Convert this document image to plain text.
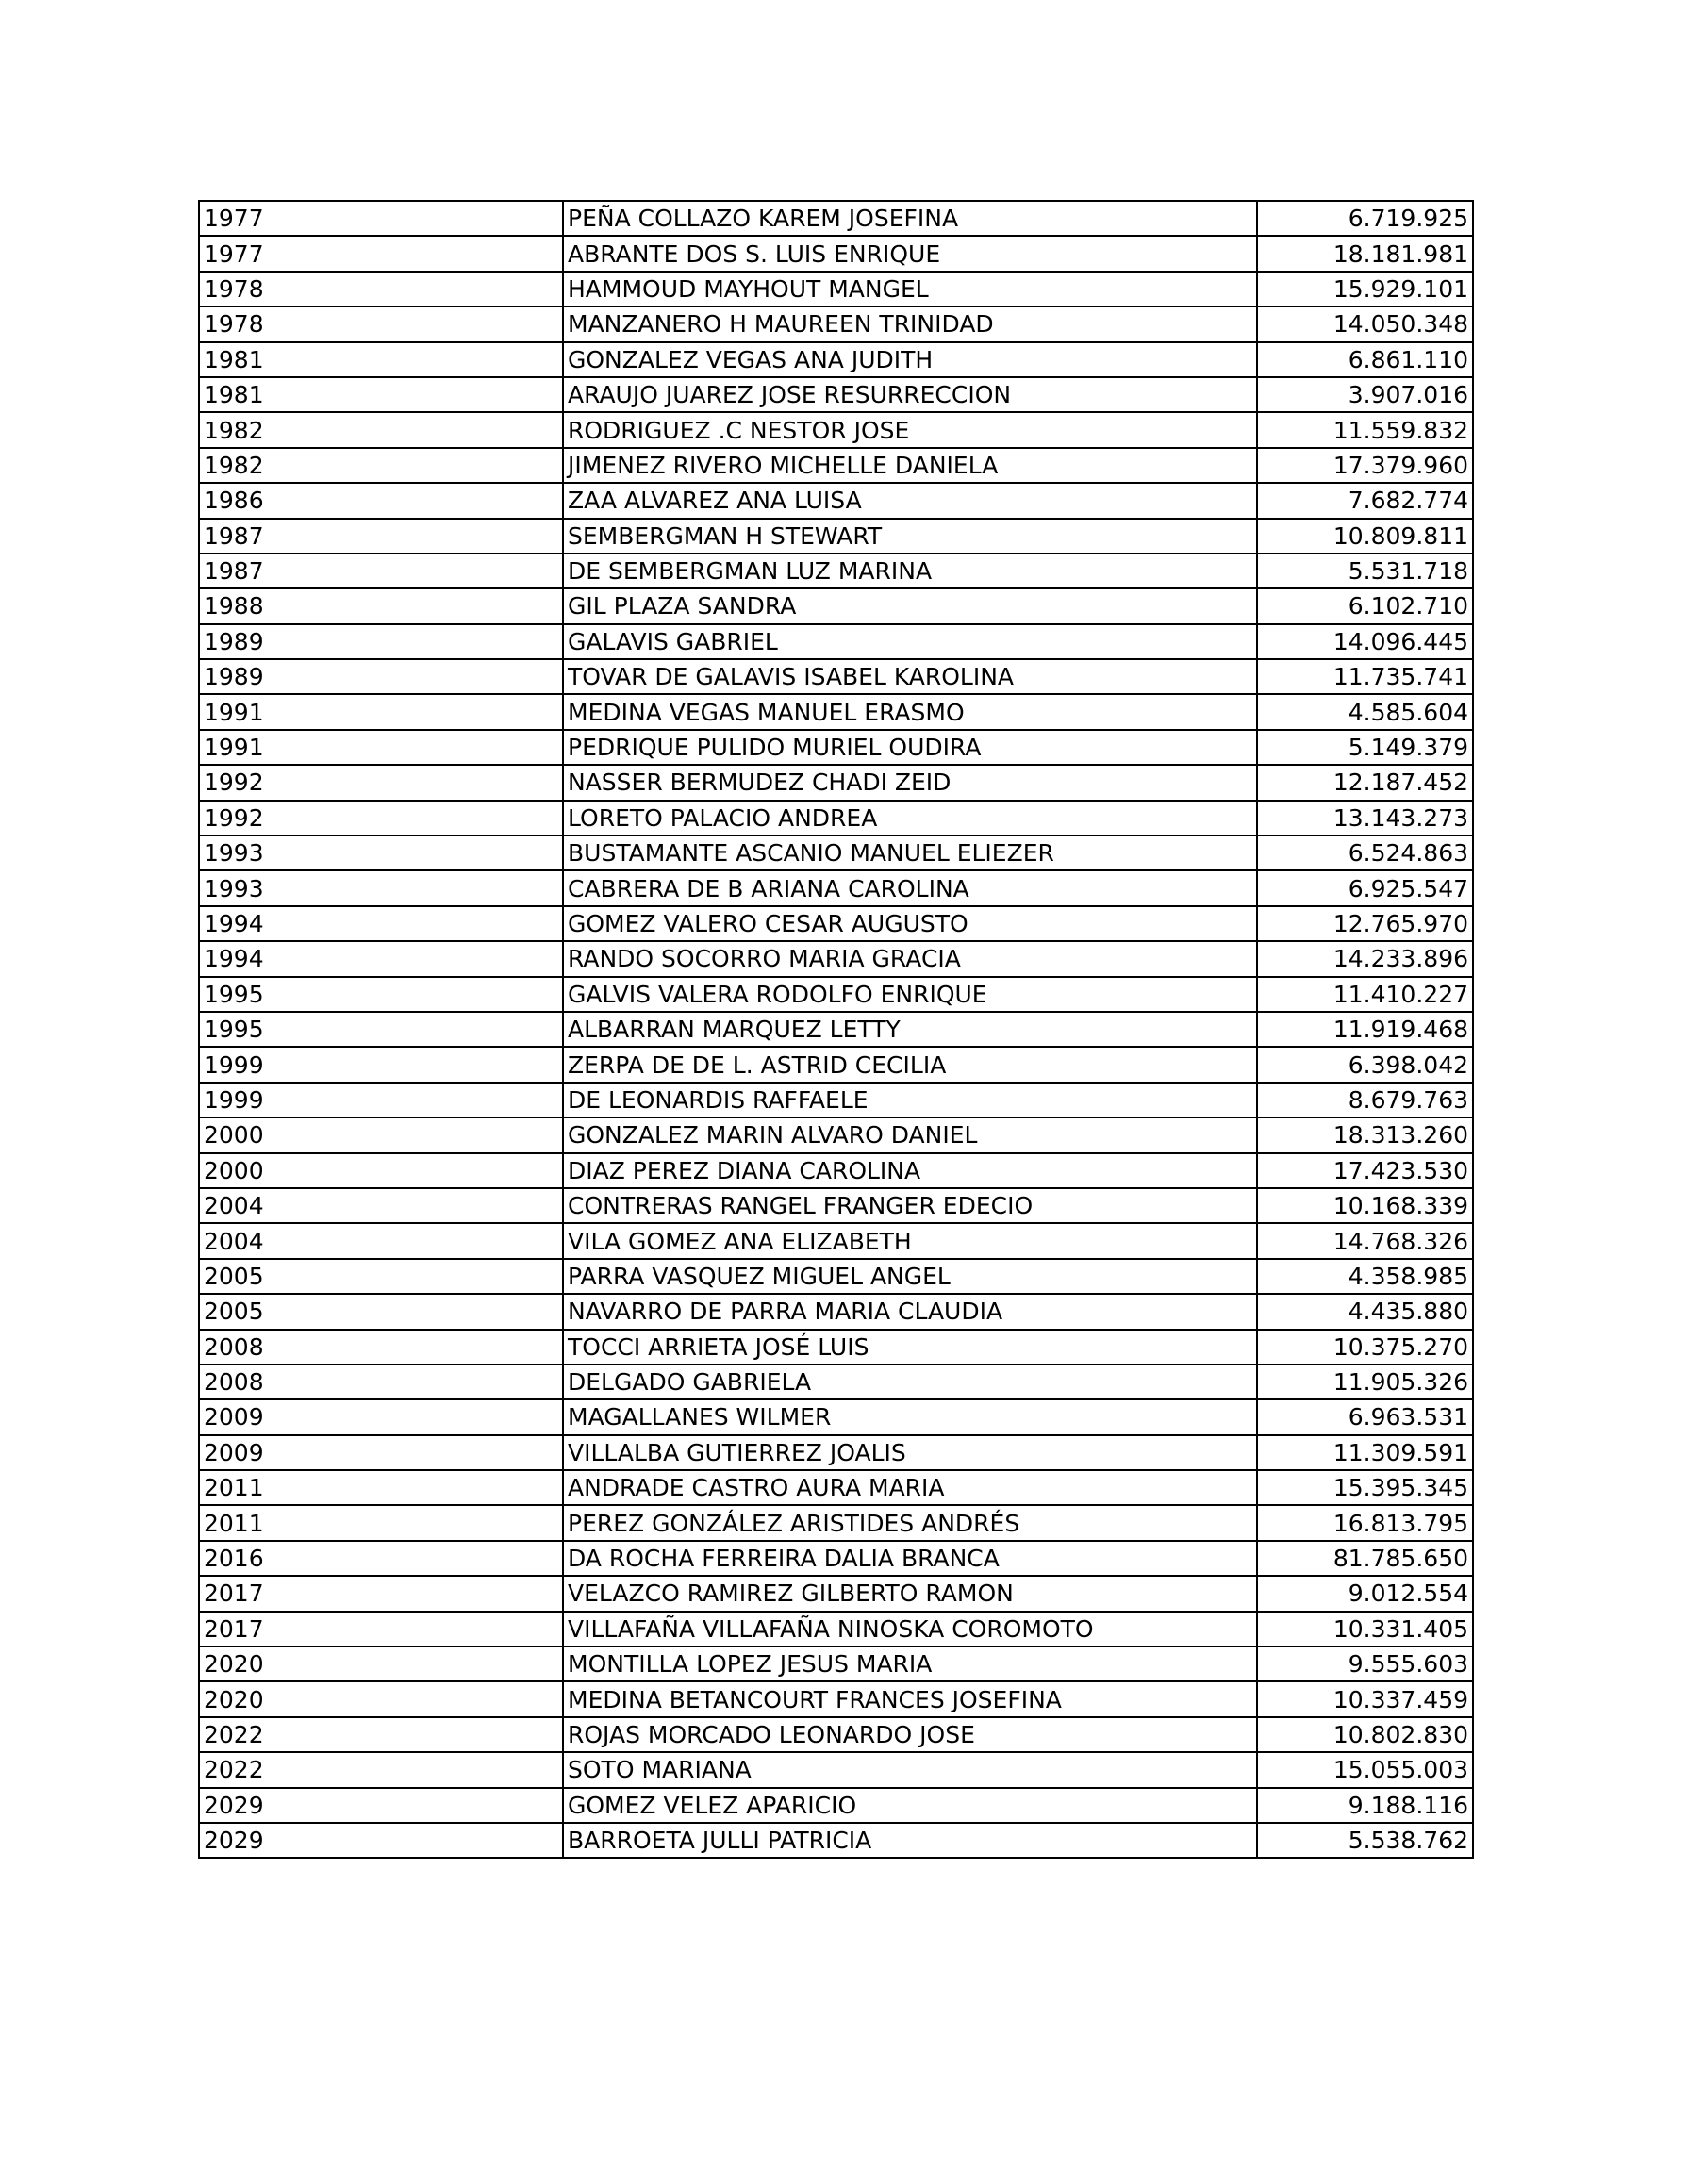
1977	PEÑA COLLAZO KAREM JOSEFINA	6.719.925
1977	ABRANTE DOS S. LUIS ENRIQUE	18.181.981
1978	HAMMOUD MAYHOUT MANGEL	15.929.101
1978	MANZANERO H MAUREEN TRINIDAD	14.050.348
1981	GONZALEZ VEGAS ANA JUDITH	6.861.110
1981	ARAUJO JUAREZ JOSE RESURRECCION	3.907.016
1982	RODRIGUEZ .C NESTOR JOSE	11.559.832
1982	JIMENEZ RIVERO MICHELLE DANIELA	17.379.960
1986	ZAA ALVAREZ ANA LUISA	7.682.774
1987	SEMBERGMAN H STEWART	10.809.811
1987	DE SEMBERGMAN LUZ MARINA	5.531.718
1988	GIL PLAZA SANDRA	6.102.710
1989	GALAVIS GABRIEL	14.096.445
1989	TOVAR DE GALAVIS ISABEL KAROLINA	11.735.741
1991	MEDINA VEGAS MANUEL ERASMO	4.585.604
1991	PEDRIQUE PULIDO MURIEL OUDIRA	5.149.379
1992	NASSER BERMUDEZ CHADI ZEID	12.187.452
1992	LORETO PALACIO ANDREA	13.143.273
1993	BUSTAMANTE ASCANIO MANUEL ELIEZER	6.524.863
1993	CABRERA DE B ARIANA CAROLINA	6.925.547
1994	GOMEZ VALERO CESAR AUGUSTO	12.765.970
1994	RANDO SOCORRO MARIA GRACIA	14.233.896
1995	GALVIS VALERA RODOLFO ENRIQUE	11.410.227
1995	ALBARRAN MARQUEZ LETTY	11.919.468
1999	ZERPA DE DE L. ASTRID CECILIA	6.398.042
1999	DE LEONARDIS RAFFAELE	8.679.763
2000	GONZALEZ MARIN ALVARO DANIEL	18.313.260
2000	DIAZ PEREZ DIANA CAROLINA	17.423.530
2004	CONTRERAS RANGEL FRANGER EDECIO	10.168.339
2004	VILA GOMEZ ANA ELIZABETH	14.768.326
2005	PARRA VASQUEZ MIGUEL ANGEL	4.358.985
2005	NAVARRO DE PARRA MARIA CLAUDIA	4.435.880
2008	TOCCI ARRIETA JOSÉ LUIS	10.375.270
2008	DELGADO GABRIELA	11.905.326
2009	MAGALLANES WILMER	6.963.531
2009	VILLALBA GUTIERREZ JOALIS	11.309.591
2011	ANDRADE CASTRO AURA MARIA	15.395.345
2011	PEREZ GONZÁLEZ ARISTIDES ANDRÉS	16.813.795
2016	DA ROCHA FERREIRA DALIA BRANCA	81.785.650
2017	VELAZCO RAMIREZ GILBERTO RAMON	9.012.554
2017	VILLAFAÑA VILLAFAÑA NINOSKA COROMOTO	10.331.405
2020	MONTILLA LOPEZ JESUS MARIA	9.555.603
2020	MEDINA BETANCOURT FRANCES JOSEFINA	10.337.459
2022	ROJAS MORCADO LEONARDO JOSE	10.802.830
2022	SOTO MARIANA	15.055.003
2029	GOMEZ VELEZ APARICIO	9.188.116
2029	BARROETA JULLI PATRICIA	5.538.762
